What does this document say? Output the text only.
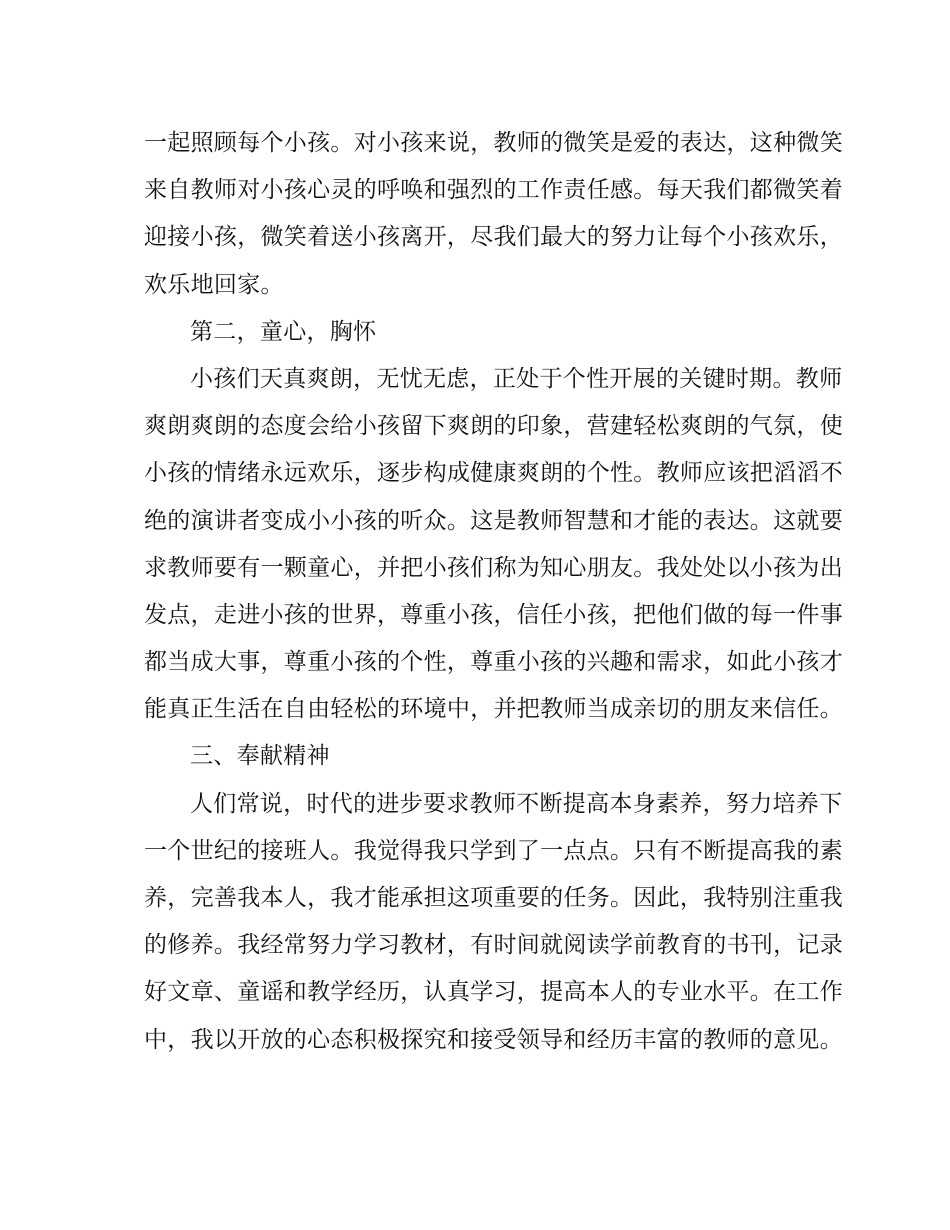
一起照顾每个小孩。对小孩来说，教师的微笑是爱的表达，这种微笑
来自教师对小孩心灵的呼唤和强烈的工作责任感。每天我们都微笑着
迎接小孩，微笑着送小孩离开，尽我们最大的努力让每个小孩欢乐，
欢乐地回家。
第二，童心，胸怀
小孩们天真爽朗，无忧无虑，正处于个性开展的关键时期。教师
爽朗爽朗的态度会给小孩留下爽朗的印象，营建轻松爽朗的气氛，使
小孩的情绪永远欢乐，逐步构成健康爽朗的个性。教师应该把滔滔不
绝的演讲者变成小小孩的听众。这是教师智慧和才能的表达。这就要
求教师要有一颗童心，并把小孩们称为知心朋友。我处处以小孩为出
发点，走进小孩的世界，尊重小孩，信任小孩，把他们做的每一件事
都当成大事，尊重小孩的个性，尊重小孩的兴趣和需求，如此小孩才
能真正生活在自由轻松的环境中，并把教师当成亲切的朋友来信任。
三、奉献精神
人们常说，时代的进步要求教师不断提高本身素养，努力培养下
一个世纪的接班人。我觉得我只学到了一点点。只有不断提高我的素
养，完善我本人，我才能承担这项重要的任务。因此，我特别注重我
的修养。我经常努力学习教材，有时间就阅读学前教育的书刊，记录
好文章、童谣和教学经历，认真学习，提高本人的专业水平。在工作
中，我以开放的心态积极探究和接受领导和经历丰富的教师的意见。
